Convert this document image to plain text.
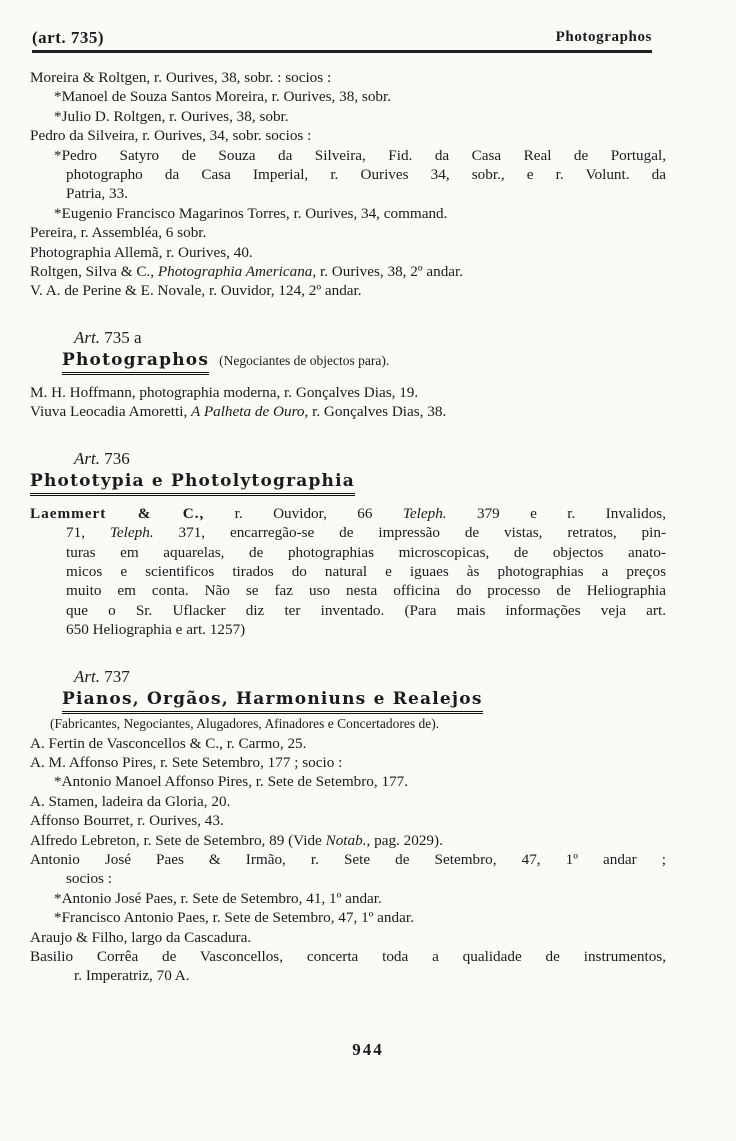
(art. 735)	Photographos
Moreira & Roltgen, r. Ourives, 38, sobr. : socios :
*Manoel de Souza Santos Moreira, r. Ourives, 38, sobr.
*Julio D. Roltgen, r. Ourives, 38, sobr.
Pedro da Silveira, r. Ourives, 34, sobr. socios :
*Pedro Satyro de Souza da Silveira, Fid. da Casa Real de Portugal,
photographo da Casa Imperial, r. Ourives 34, sobr., e r. Volunt. da
Patria, 33.
*Eugenio Francisco Magarinos Torres, r. Ourives, 34, command.
Pereira, r. Assembléa, 6 sobr.
Photographia Allemã, r. Ourives, 40.
Roltgen, Silva & C., Photographia Americana, r. Ourives, 38, 2º andar.
V. A. de Perine & E. Novale, r. Ouvidor, 124, 2º andar.
Art. 735 a
Photographos (Negociantes de objectos para).
M. H. Hoffmann, photographia moderna, r. Gonçalves Dias, 19.
Viuva Leocadia Amoretti, A Palheta de Ouro, r. Gonçalves Dias, 38.
Art. 736
Phototypia e Photolytographia
Laemmert & C., r. Ouvidor, 66 Teleph. 379 e r. Invalidos,
71, Teleph. 371, encarregão-se de impressão de vistas, retratos, pin-
turas em aquarelas, de photographias microscopicas, de objectos anato-
micos e scientificos tirados do natural e iguaes às photographias a preços
muito em conta. Não se faz uso nesta officina do processo de Heliographia
que o Sr. Uflacker diz ter inventado. (Para mais informações veja art.
650 Heliographia e art. 1257)
Art. 737
Pianos, Orgãos, Harmoniuns e Realejos
(Fabricantes, Negociantes, Alugadores, Afinadores e Concertadores de).
A. Fertin de Vasconcellos & C., r. Carmo, 25.
A. M. Affonso Pires, r. Sete Setembro, 177 ; socio :
*Antonio Manoel Affonso Pires, r. Sete de Setembro, 177.
A. Stamen, ladeira da Gloria, 20.
Affonso Bourret, r. Ourives, 43.
Alfredo Lebreton, r. Sete de Setembro, 89 (Vide Notab., pag. 2029).
Antonio José Paes & Irmão, r. Sete de Setembro, 47, 1º andar ;
socios :
*Antonio José Paes, r. Sete de Setembro, 41, 1º andar.
*Francisco Antonio Paes, r. Sete de Setembro, 47, 1º andar.
Araujo & Filho, largo da Cascadura.
Basilio Corrêa de Vasconcellos, concerta toda a qualidade de instrumentos,
r. Imperatriz, 70 A.
944
